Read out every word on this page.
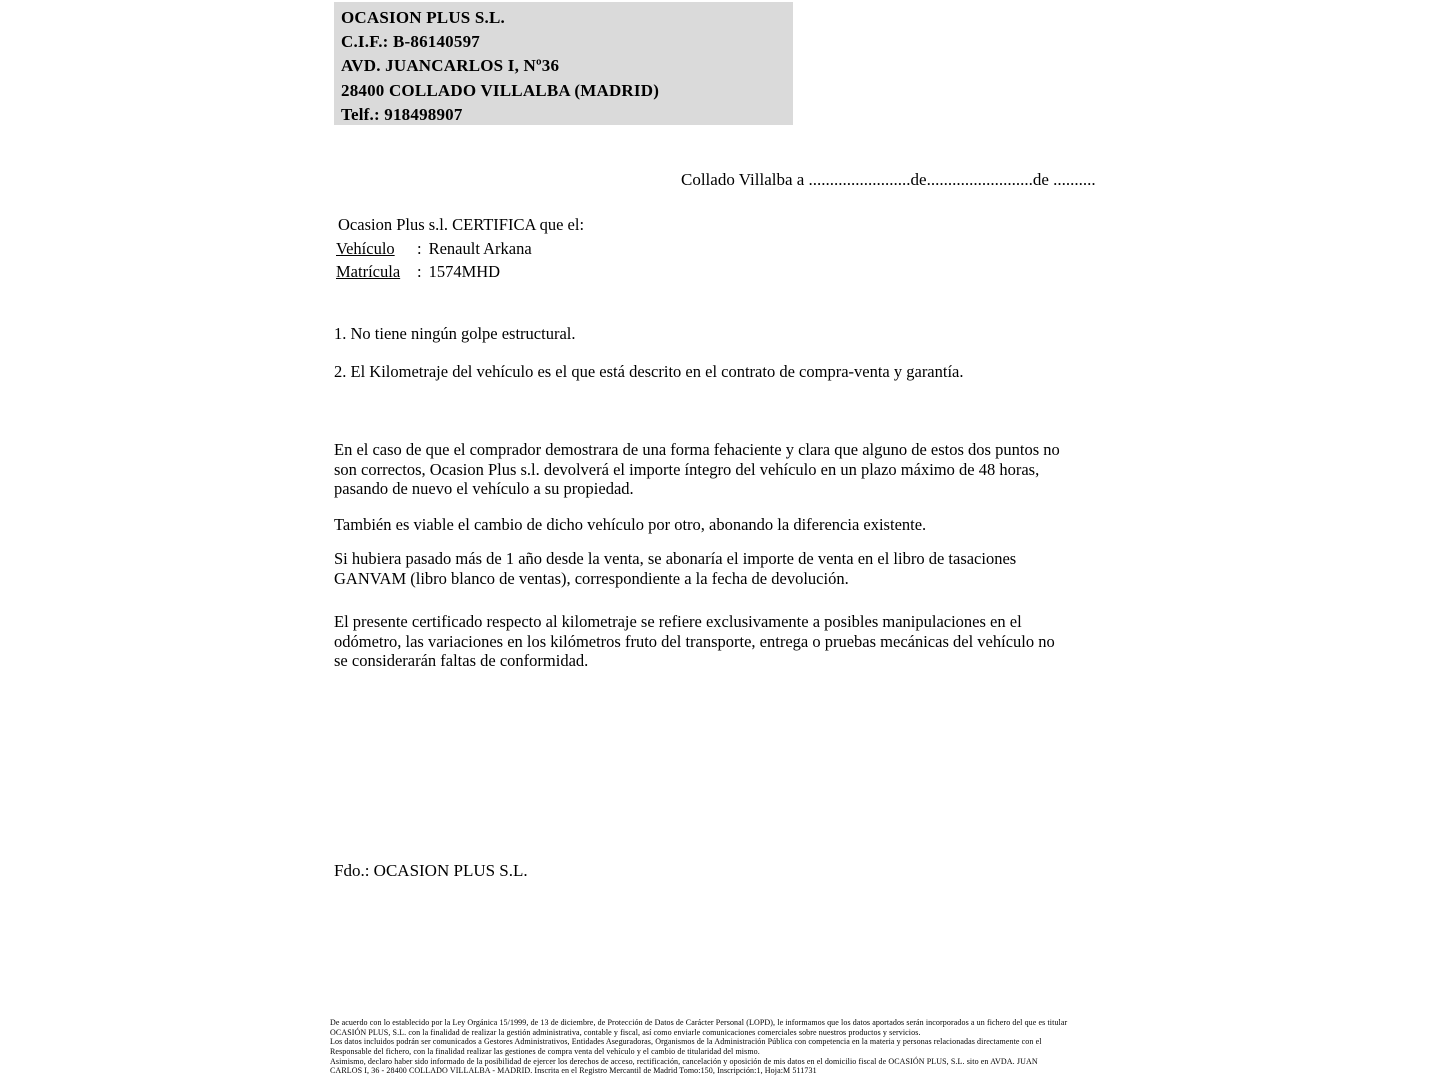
OCASION PLUS S.L.
C.I.F.: B-86140597
AVD. JUANCARLOS I, Nº36
28400 COLLADO VILLALBA (MADRID)
Telf.: 918498907
Collado Villalba a ........................de.........................de ..........
Ocasion Plus s.l. CERTIFICA que el:
Vehículo : Renault Arkana
Matrícula : 1574MHD
1. No tiene ningún golpe estructural.
2. El Kilometraje del vehículo es el que está descrito en el contrato de compra-venta y garantía.
En el caso de que el comprador demostrara de una forma fehaciente y clara que alguno de estos dos puntos no
son correctos, Ocasion Plus s.l. devolverá el importe íntegro del vehículo en un plazo máximo de 48 horas,
pasando de nuevo el vehículo a su propiedad.
También es viable el cambio de dicho vehículo por otro, abonando la diferencia existente.
Si hubiera pasado más de 1 año desde la venta, se abonaría el importe de venta en el libro de tasaciones
GANVAM (libro blanco de ventas), correspondiente a la fecha de devolución.
El presente certificado respecto al kilometraje se refiere exclusivamente a posibles manipulaciones en el
odómetro, las variaciones en los kilómetros fruto del transporte, entrega o pruebas mecánicas del vehículo no
se considerarán faltas de conformidad.
Fdo.: OCASION PLUS S.L.
De acuerdo con lo establecido por la Ley Orgánica 15/1999, de 13 de diciembre, de Protección de Datos de Carácter Personal (LOPD), le informamos que los datos aportados serán incorporados a un fichero del que es titular
OCASIÓN PLUS, S.L. con la finalidad de realizar la gestión administrativa, contable y fiscal, así como enviarle comunicaciones comerciales sobre nuestros productos y servicios.
Los datos incluidos podrán ser comunicados a Gestores Administrativos, Entidades Aseguradoras, Organismos de la Administración Pública con competencia en la materia y personas relacionadas directamente con el
Responsable del fichero, con la finalidad realizar las gestiones de compra venta del vehículo y el cambio de titularidad del mismo.
Asimismo, declaro haber sido informado de la posibilidad de ejercer los derechos de acceso, rectificación, cancelación y oposición de mis datos en el domicilio fiscal de OCASIÓN PLUS, S.L. sito en AVDA. JUAN
CARLOS I, 36 - 28400 COLLADO VILLALBA - MADRID. Inscrita en el Registro Mercantil de Madrid Tomo:150, Inscripción:1, Hoja:M 511731
